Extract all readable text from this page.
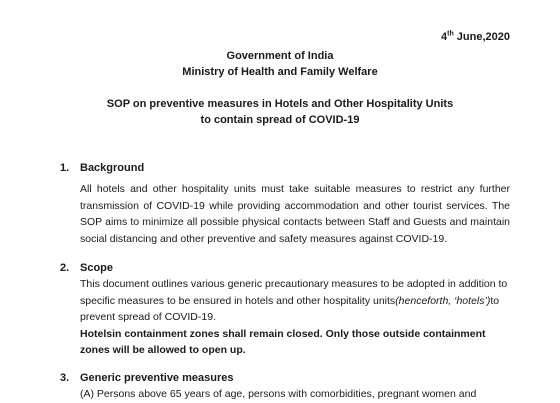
4th June,2020
Government of India
Ministry of Health and Family Welfare
SOP on preventive measures in Hotels and Other Hospitality Units
to contain spread of COVID-19
1. Background
All hotels and other hospitality units must take suitable measures to restrict any further transmission of COVID-19 while providing accommodation and other tourist services. The SOP aims to minimize all possible physical contacts between Staff and Guests and maintain social distancing and other preventive and safety measures against COVID-19.
2. Scope

This document outlines various generic precautionary measures to be adopted in addition to specific measures to be ensured in hotels and other hospitality units(henceforth, ‘hotels’)to prevent spread of COVID-19.

Hotelsin containment zones shall remain closed. Only those outside containment zones will be allowed to open up.

3. Generic preventive measures
(A) Persons above 65 years of age, persons with comorbidities, pregnant women and
